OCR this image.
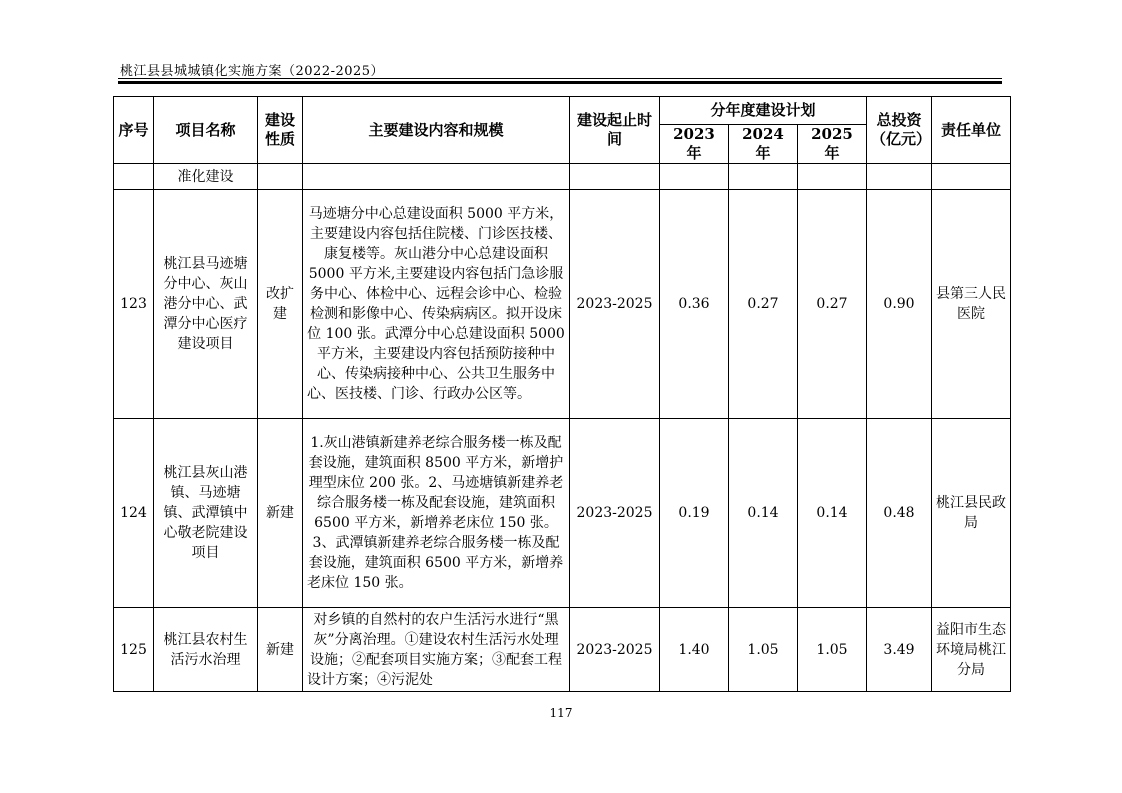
桃江县县城城镇化实施方案（2022-2025）
序号	项目名称	建设性质	主要建设内容和规模	建设起止时间	分年度建设计划			总投资（亿元）	责任单位
					2023 年	2024 年	2025 年		
	准化建设								
123	桃江县马迹塘分中心、灰山港分中心、武潭分中心医疗建设项目	改扩建	马迹塘分中心总建设面积 5000 平方米，主要建设内容包括住院楼、门诊医技楼、康复楼等。灰山港分中心总建设面积 5000 平方米,主要建设内容包括门急诊服务中心、体检中心、远程会诊中心、检验检测和影像中心、传染病病区。拟开设床位 100 张。武潭分中心总建设面积 5000 平方米，主要建设内容包括预防接种中心、传染病接种中心、公共卫生服务中心、医技楼、门诊、行政办公区等。	2023-2025	0.36	0.27	0.27	0.90	县第三人民医院
124	桃江县灰山港镇、马迹塘镇、武潭镇中心敬老院建设项目	新建	1.灰山港镇新建养老综合服务楼一栋及配套设施，建筑面积 8500 平方米，新增护理型床位 200 张。2、马迹塘镇新建养老综合服务楼一栋及配套设施，建筑面积 6500 平方米，新增养老床位 150 张。3、武潭镇新建养老综合服务楼一栋及配套设施，建筑面积 6500 平方米，新增养老床位 150 张。	2023-2025	0.19	0.14	0.14	0.48	桃江县民政局
125	桃江县农村生活污水治理	新建	对乡镇的自然村的农户生活污水进行“黑灰”分离治理。①建设农村生活污水处理设施；②配套项目实施方案；③配套工程设计方案；④污泥处	2023-2025	1.40	1.05	1.05	3.49	益阳市生态环境局桃江分局
117
